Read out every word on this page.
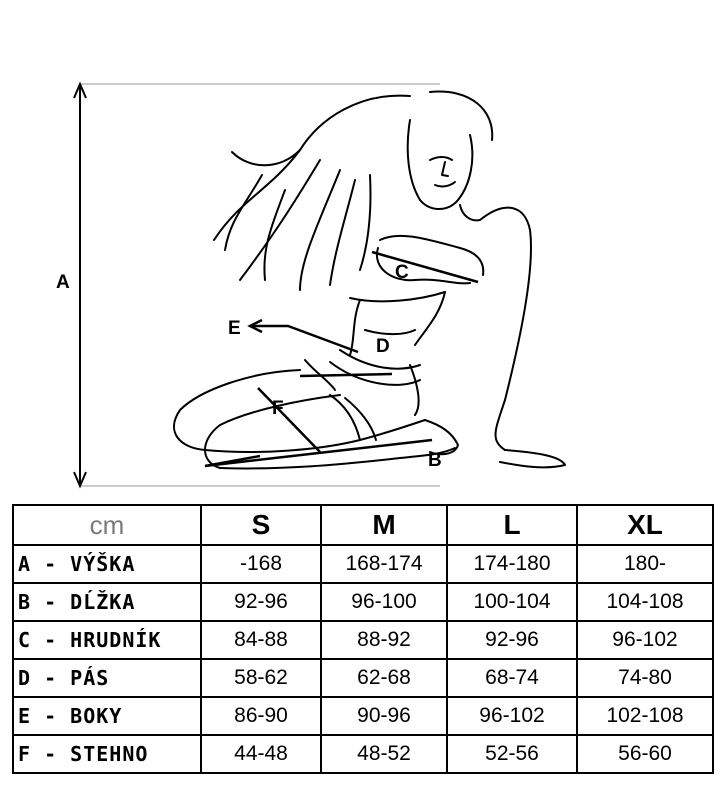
A
B
C
D
E
F
cm	S	M	L	XL
A - VÝŠKA	-168	168-174	174-180	180-
B - DĹŽKA	92-96	96-100	100-104	104-108
C - HRUDNÍK	84-88	88-92	92-96	96-102
D - PÁS	58-62	62-68	68-74	74-80
E - BOKY	86-90	90-96	96-102	102-108
F - STEHNO	44-48	48-52	52-56	56-60
